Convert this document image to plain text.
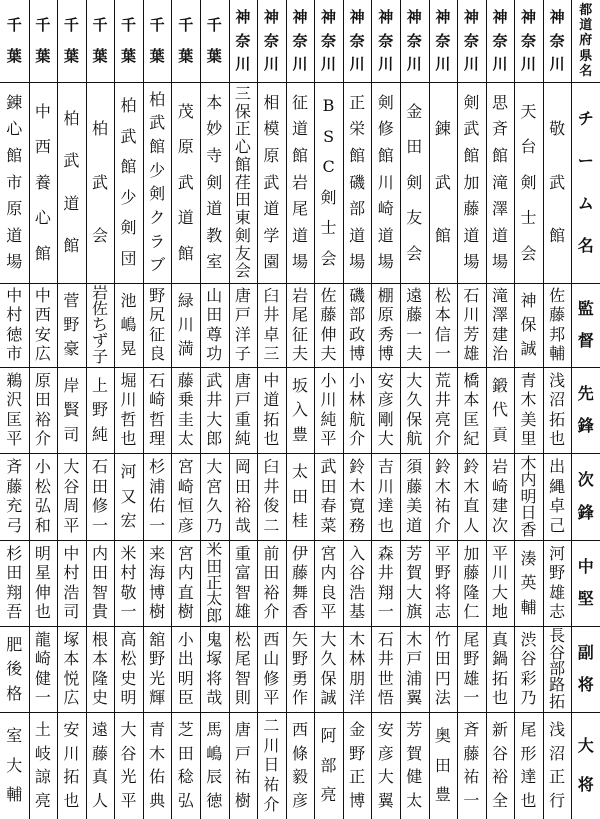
都
道
府
県
名
チ
ー
ム
名
監
督
先
鋒
次
鋒
中
堅
副
将
大
将
神
奈
川
敬
武
館
佐
藤
邦
輔
浅
沼
拓
也
出
縄
卓
己
河
野
雄
志
長
谷
部
路
拓
浅
沼
正
行
神
奈
川
天
台
剣
士
会
神
保
誠
青
木
美
里
木
内
明
日
香
湊
英
輔
渋
谷
彩
乃
尾
形
達
也
神
奈
川
思
斉
館
滝
澤
道
場
滝
澤
建
治
鍛
代
貢
岩
崎
建
次
平
川
大
地
真
鍋
拓
也
新
谷
裕
全
神
奈
川
剣
武
館
加
藤
道
場
石
川
芳
雄
橋
本
匡
紀
鈴
木
直
人
加
藤
隆
仁
尾
野
雄
一
斉
藤
祐
一
神
奈
川
錬
武
館
松
本
信
一
荒
井
亮
介
鈴
木
祐
介
平
野
将
志
竹
田
円
法
奥
田
豊
神
奈
川
金
田
剣
友
会
遠
藤
一
夫
大
久
保
航
須
藤
美
道
芳
賀
大
旗
木
戸
浦
翼
芳
賀
健
太
神
奈
川
剣
修
館
川
崎
道
場
棚
原
秀
博
安
彦
剛
大
吉
川
達
也
森
井
翔
一
石
井
世
悟
安
彦
大
翼
神
奈
川
正
栄
館
磯
部
道
場
磯
部
政
博
小
林
航
介
鈴
木
寛
務
入
谷
浩
基
木
林
朋
洋
金
野
正
博
神
奈
川
B
S
C
剣
士
会
佐
藤
伸
夫
小
川
純
平
武
田
春
菜
宮
内
良
平
大
久
保
誠
阿
部
亮
神
奈
川
征
道
館
岩
尾
道
場
岩
尾
征
夫
坂
入
豊
太
田
桂
伊
藤
舞
香
矢
野
勇
作
西
條
毅
彦
神
奈
川
相
模
原
武
道
学
園
臼
井
卓
三
中
道
拓
也
臼
井
俊
二
前
田
裕
介
西
山
修
平
二
川
日
祐
介
神
奈
川
三
保
正
心
館
荏
田
東
剣
友
会
唐
戸
洋
子
唐
戸
重
純
岡
田
裕
哉
重
富
智
雄
松
尾
智
則
唐
戸
祐
樹
千
葉
本
妙
寺
剣
道
教
室
山
田
尊
功
武
井
大
郎
大
宮
久
乃
米
田
正
太
郎
鬼
塚
将
哉
馬
嶋
辰
徳
千
葉
茂
原
武
道
館
緑
川
満
藤
乗
圭
太
宮
崎
恒
彦
宮
内
直
樹
小
出
明
臣
芝
田
稔
弘
千
葉
柏
武
館
少
剣
ク
ラ
ブ
野
尻
征
良
石
崎
哲
理
杉
浦
佑
一
来
海
博
樹
舘
野
光
輝
青
木
佑
典
千
葉
柏
武
館
少
剣
団
池
嶋
晃
堀
川
哲
也
河
又
宏
米
村
敬
一
高
松
史
明
大
谷
光
平
千
葉
柏
武
会
岩
佐
ち
ず
子
上
野
純
石
田
修
一
内
田
智
貴
根
本
隆
史
遠
藤
真
人
千
葉
柏
武
道
館
菅
野
豪
岸
賢
司
大
谷
周
平
中
村
浩
司
塚
本
悦
広
安
川
拓
也
千
葉
中
西
養
心
館
中
西
安
広
原
田
裕
介
小
松
弘
和
明
星
伸
也
龍
崎
健
一
土
岐
諒
亮
千
葉
錬
心
館
市
原
道
場
中
村
徳
市
鵜
沢
匡
平
斉
藤
充
弓
杉
田
翔
吾
肥
後
格
室
大
輔
